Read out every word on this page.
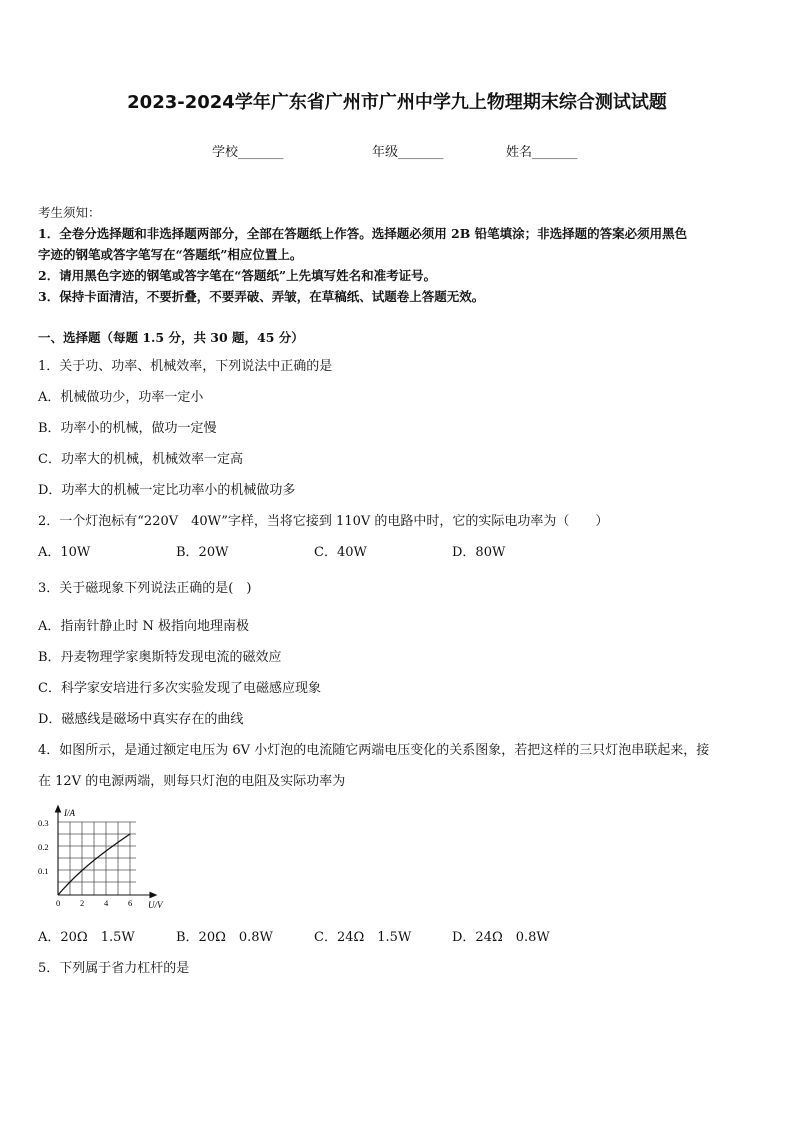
2023-2024学年广东省广州市广州中学九上物理期末综合测试试题
学校_______	年级_______	姓名_______
考生须知：
1．全卷分选择题和非选择题两部分，全部在答题纸上作答。选择题必须用 2B 铅笔填涂；非选择题的答案必须用黑色
字迹的钢笔或答字笔写在“答题纸”相应位置上。
2．请用黑色字迹的钢笔或答字笔在“答题纸”上先填写姓名和准考证号。
3．保持卡面清洁，不要折叠，不要弄破、弄皱，在草稿纸、试题卷上答题无效。
一、选择题（每题 1.5 分，共 30 题，45 分）
1．关于功、功率、机械效率，下列说法中正确的是
A．机械做功少，功率一定小
B．功率小的机械，做功一定慢
C．功率大的机械，机械效率一定高
D．功率大的机械一定比功率小的机械做功多
2．一个灯泡标有“220V　40W”字样，当将它接到 110V 的电路中时，它的实际电功率为（　　）
A．10W	B．20W	C．40W	D．80W
3．关于磁现象下列说法正确的是(　)
A．指南针静止时 N 极指向地理南极
B．丹麦物理学家奥斯特发现电流的磁效应
C．科学家安培进行多次实验发现了电磁感应现象
D．磁感线是磁场中真实存在的曲线
4．如图所示，是通过额定电压为 6V 小灯泡的电流随它两端电压变化的关系图象，若把这样的三只灯泡串联起来，接
在 12V 的电源两端，则每只灯泡的电阻及实际功率为
I/A
0.3
0.2
0.1
0 2 4 6 U/V
A．20Ω　1.5W	B．20Ω　0.8W	C．24Ω　1.5W	D．24Ω　0.8W
5．下列属于省力杠杆的是
